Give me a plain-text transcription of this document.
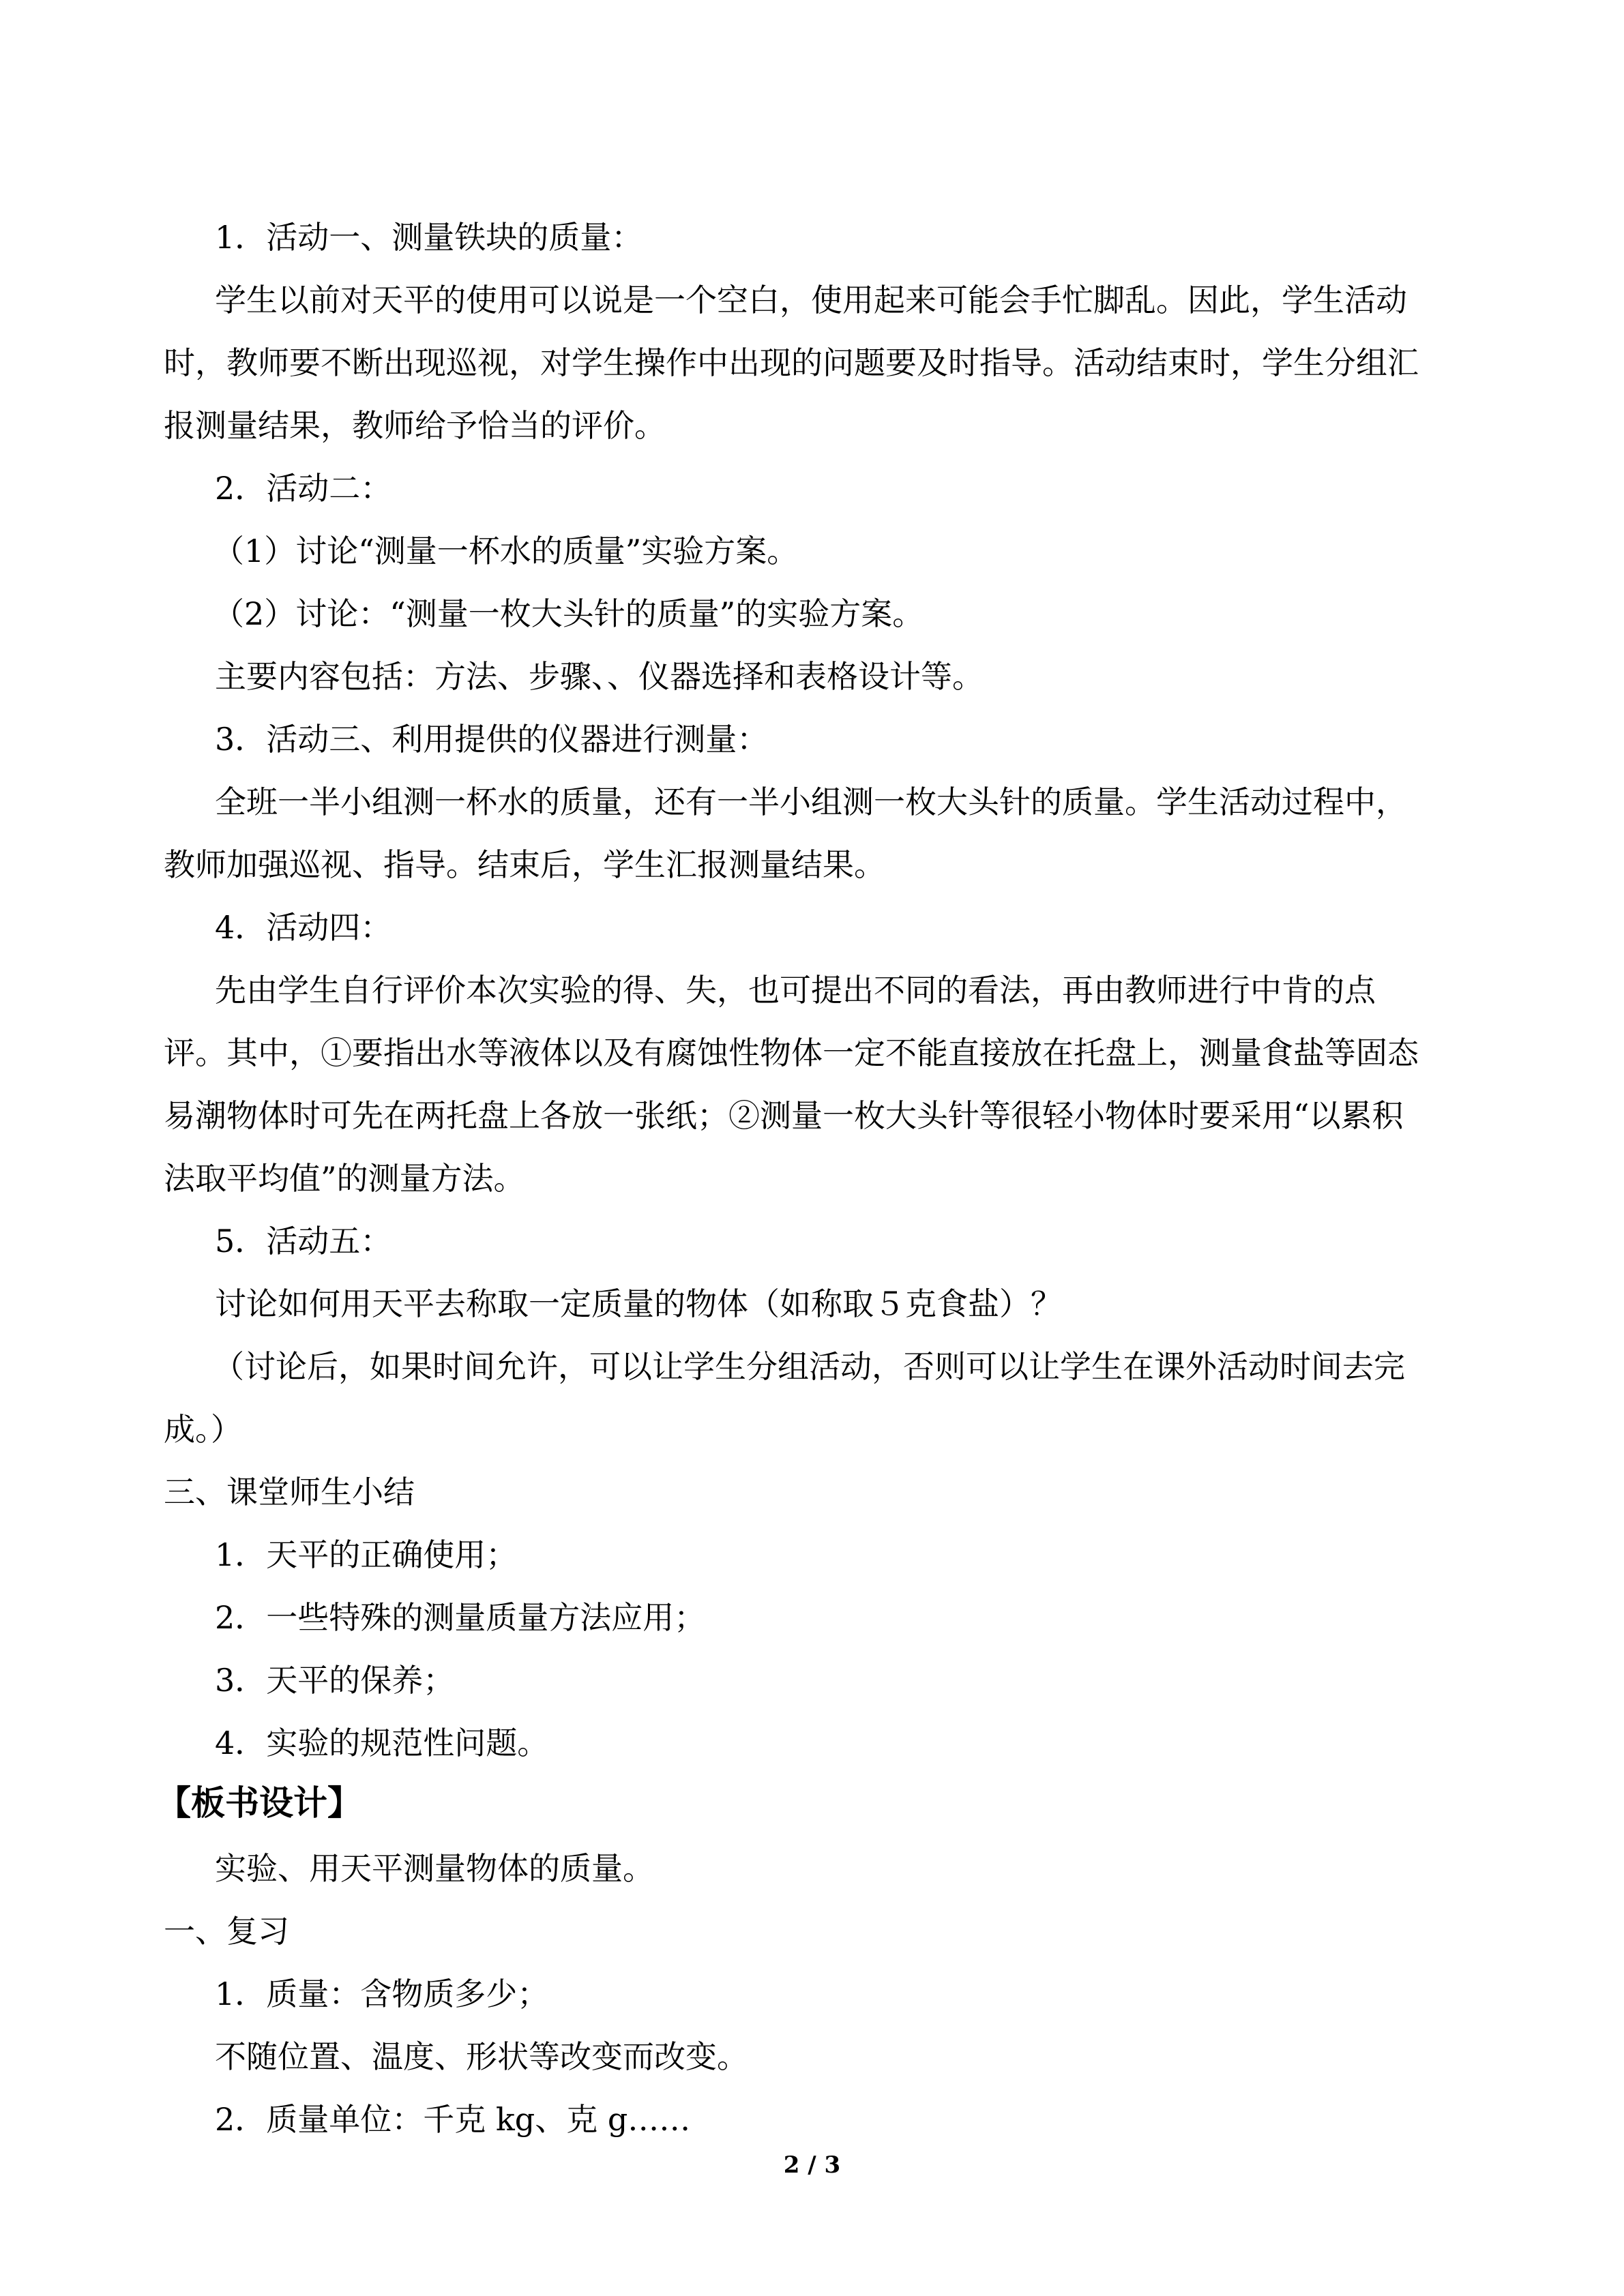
1．活动一、测量铁块的质量：
学生以前对天平的使用可以说是一个空白，使用起来可能会手忙脚乱。因此，学生活动
时，教师要不断出现巡视，对学生操作中出现的问题要及时指导。活动结束时，学生分组汇
报测量结果，教师给予恰当的评价。
2．活动二：
（1）讨论“测量一杯水的质量”实验方案。
（2）讨论：“测量一枚大头针的质量”的实验方案。
主要内容包括：方法、步骤、、仪器选择和表格设计等。
3．活动三、利用提供的仪器进行测量：
全班一半小组测一杯水的质量，还有一半小组测一枚大头针的质量。学生活动过程中，
教师加强巡视、指导。结束后，学生汇报测量结果。
4．活动四：
先由学生自行评价本次实验的得、失，也可提出不同的看法，再由教师进行中肯的点
评。其中，①要指出水等液体以及有腐蚀性物体一定不能直接放在托盘上，测量食盐等固态
易潮物体时可先在两托盘上各放一张纸；②测量一枚大头针等很轻小物体时要采用“以累积
法取平均值”的测量方法。
5．活动五：
讨论如何用天平去称取一定质量的物体（如称取５克食盐）？
（讨论后，如果时间允许，可以让学生分组活动，否则可以让学生在课外活动时间去完
成。）
三、课堂师生小结
1．天平的正确使用；
2．一些特殊的测量质量方法应用；
3．天平的保养；
4．实验的规范性问题。
【板书设计】
实验、用天平测量物体的质量。
一、复习
1．质量：含物质多少；
不随位置、温度、形状等改变而改变。
2．质量单位：千克 kg、克 g……
2 / 3
